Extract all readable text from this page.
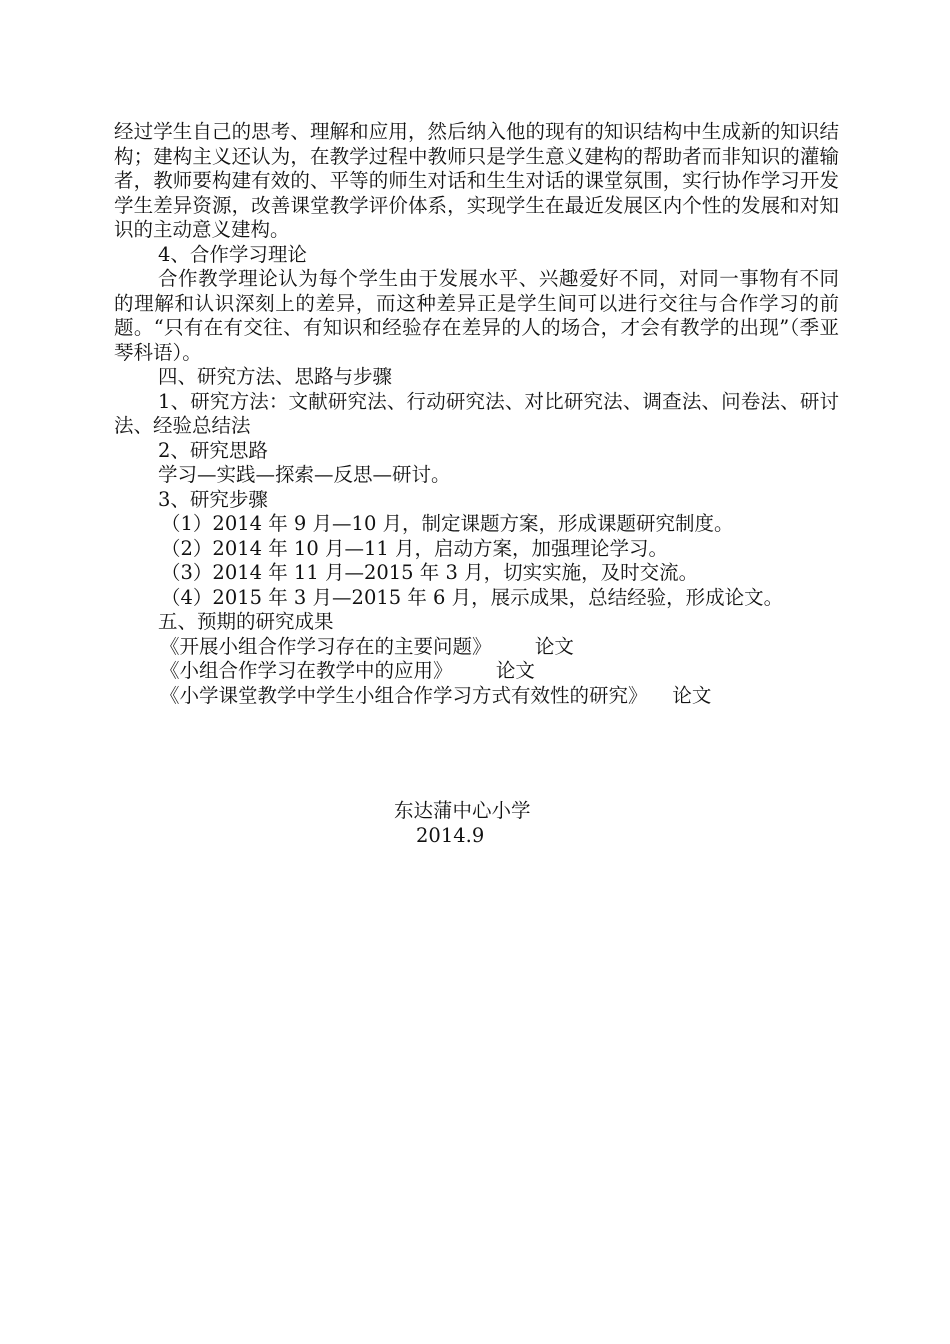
经过学生自己的思考、理解和应用，然后纳入他的现有的知识结构中生成新的知识结构；建构主义还认为，在教学过程中教师只是学生意义建构的帮助者而非知识的灌输者，教师要构建有效的、平等的师生对话和生生对话的课堂氛围，实行协作学习开发学生差异资源，改善课堂教学评价体系，实现学生在最近发展区内个性的发展和对知识的主动意义建构。

4、合作学习理论

合作教学理论认为每个学生由于发展水平、兴趣爱好不同，对同一事物有不同的理解和认识深刻上的差异，而这种差异正是学生间可以进行交往与合作学习的前题。“只有在有交往、有知识和经验存在差异的人的场合，才会有教学的出现”（季亚琴科语）。

四、研究方法、思路与步骤

1、研究方法：文献研究法、行动研究法、对比研究法、调查法、问卷法、研讨法、经验总结法

2、研究思路

学习—实践—探索—反思—研讨。

3、研究步骤

（1）2014 年 9 月—10 月，制定课题方案，形成课题研究制度。

（2）2014 年 10 月—11 月，启动方案，加强理论学习。

（3）2014 年 11 月—2015 年 3 月，切实实施，及时交流。

（4）2015 年 3 月—2015 年 6 月，展示成果，总结经验，形成论文。

五、预期的研究成果

《开展小组合作学习存在的主要问题》 论文

《小组合作学习在教学中的应用》 论文

《小学课堂教学中学生小组合作学习方式有效性的研究》 论文

东达蒲中心小学
2014.9
